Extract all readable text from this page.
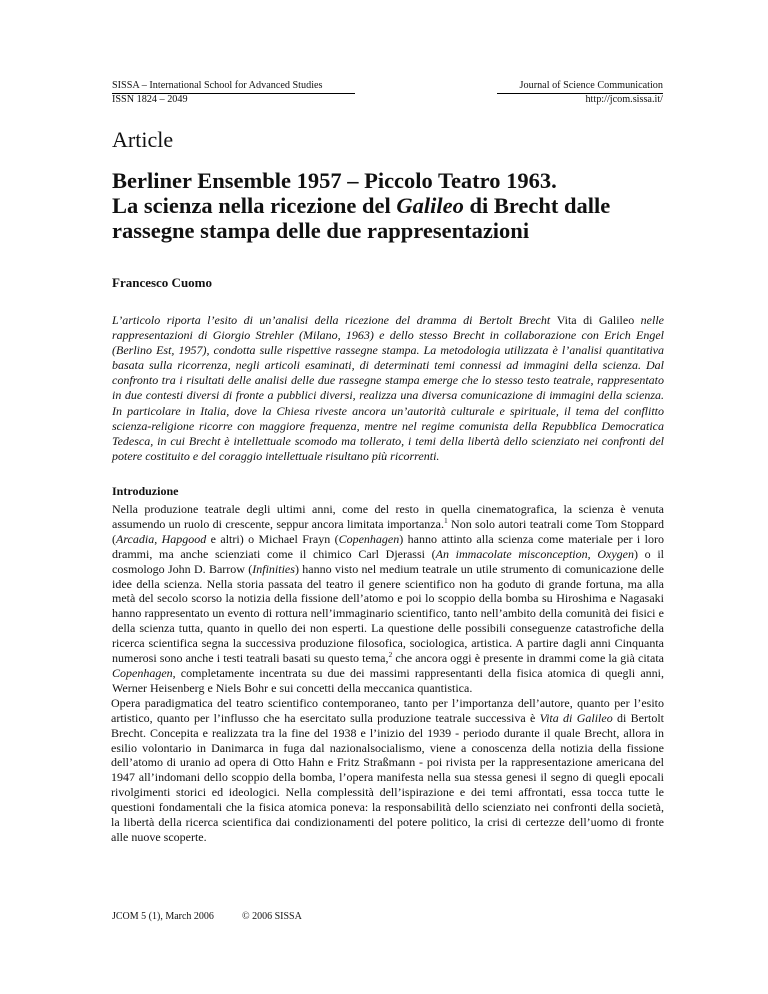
SISSA – International School for Advanced Studies
ISSN 1824 – 2049
Journal of Science Communication
http://jcom.sissa.it/
Article
Berliner Ensemble 1957 – Piccolo Teatro 1963.
La scienza nella ricezione del Galileo di Brecht dalle
rassegne stampa delle due rappresentazioni
Francesco Cuomo
L’articolo riporta l’esito di un’analisi della ricezione del dramma di Bertolt Brecht Vita di Galileo nelle rappresentazioni di Giorgio Strehler (Milano, 1963) e dello stesso Brecht in collaborazione con Erich Engel (Berlino Est, 1957), condotta sulle rispettive rassegne stampa. La metodologia utilizzata è l’analisi quantitativa basata sulla ricorrenza, negli articoli esaminati, di determinati temi connessi ad immagini della scienza. Dal confronto tra i risultati delle analisi delle due rassegne stampa emerge che lo stesso testo teatrale, rappresentato in due contesti diversi di fronte a pubblici diversi, realizza una diversa comunicazione di immagini della scienza. In particolare in Italia, dove la Chiesa riveste ancora un’autorità culturale e spirituale, il tema del conflitto scienza-religione ricorre con maggiore frequenza, mentre nel regime comunista della Repubblica Democratica Tedesca, in cui Brecht è intellettuale scomodo ma tollerato, i temi della libertà dello scienziato nei confronti del potere costituito e del coraggio intellettuale risultano più ricorrenti.
Introduzione

Nella produzione teatrale degli ultimi anni, come del resto in quella cinematografica, la scienza è venuta assumendo un ruolo di crescente, seppur ancora limitata importanza.$^1$ Non solo autori teatrali come Tom Stoppard (Arcadia, Hapgood e altri) o Michael Frayn (Copenhagen) hanno attinto alla scienza come materiale per i loro drammi, ma anche scienziati come il chimico Carl Djerassi (An immacolate misconception, Oxygen) o il cosmologo John D. Barrow (Infinities) hanno visto nel medium teatrale un utile strumento di comunicazione delle idee della scienza. Nella storia passata del teatro il genere scientifico non ha goduto di grande fortuna, ma alla metà del secolo scorso la notizia della fissione dell’atomo e poi lo scoppio della bomba su Hiroshima e Nagasaki hanno rappresentato un evento di rottura nell’immaginario scientifico, tanto nell’ambito della comunità dei fisici e della scienza tutta, quanto in quello dei non esperti. La questione delle possibili conseguenze catastrofiche della ricerca scientifica segna la successiva produzione filosofica, sociologica, artistica. A partire dagli anni Cinquanta numerosi sono anche i testi teatrali basati su questo tema,$^2$ che ancora oggi è presente in drammi come la già citata Copenhagen, completamente incentrata su due dei massimi rappresentanti della fisica atomica di quegli anni, Werner Heisenberg e Niels Bohr e sui concetti della meccanica quantistica.

Opera paradigmatica del teatro scientifico contemporaneo, tanto per l’importanza dell’autore, quanto per l’esito artistico, quanto per l’influsso che ha esercitato sulla produzione teatrale successiva è Vita di Galileo di Bertolt Brecht. Concepita e realizzata tra la fine del 1938 e l’inizio del 1939 - periodo durante il quale Brecht, allora in esilio volontario in Danimarca in fuga dal nazionalsocialismo, viene a conoscenza della notizia della fissione dell’atomo di uranio ad opera di Otto Hahn e Fritz Straßmann - poi rivista per la rappresentazione americana del 1947 all’indomani dello scoppio della bomba, l’opera manifesta nella sua stessa genesi il segno di quegli epocali rivolgimenti storici ed ideologici. Nella complessità dell’ispirazione e dei temi affrontati, essa tocca tutte le questioni fondamentali che la fisica atomica poneva: la responsabilità dello scienziato nei confronti della società, la libertà della ricerca scientifica dai condizionamenti del potere politico, la crisi di certezze dell’uomo di fronte alle nuove scoperte.

JCOM 5 (1), March 2006	© 2006 SISSA
